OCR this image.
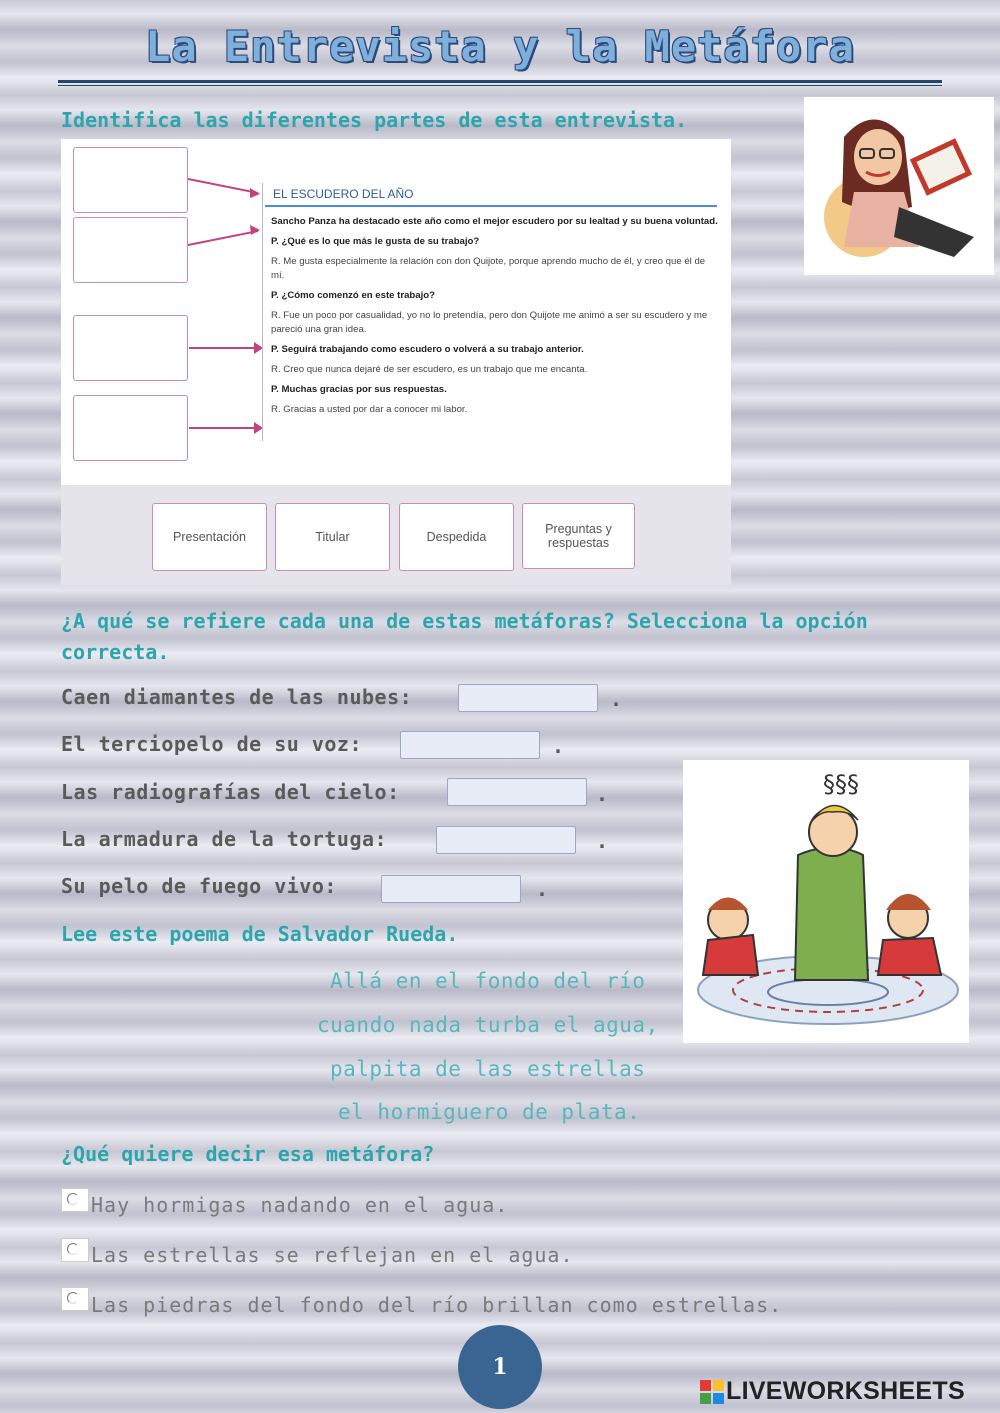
La Entrevista y la Metáfora
Identifica las diferentes partes de esta entrevista.
EL ESCUDERO DEL AÑO

Sancho Panza ha destacado este año como el mejor escudero por su lealtad y su buena voluntad.

P. ¿Qué es lo que más le gusta de su trabajo?

R. Me gusta especialmente la relación con don Quijote, porque aprendo mucho de él, y creo que él de mí.

P. ¿Cómo comenzó en este trabajo?

R. Fue un poco por casualidad, yo no lo pretendía, pero don Quijote me animó a ser su escudero y me pareció una gran idea.

P. Seguirá trabajando como escudero o volverá a su trabajo anterior.

R. Creo que nunca dejaré de ser escudero, es un trabajo que me encanta.

P. Muchas gracias por sus respuestas.

R. Gracias a usted por dar a conocer mi labor.

Presentación	Titular	Despedida
Preguntas y respuestas
¿A qué se refiere cada una de estas metáforas? Selecciona la opción correcta.
Caen diamantes de las nubes:	.
El terciopelo de su voz:	.
Las radiografías del cielo:	.
La armadura de la tortuga:	.
Su pelo de fuego vivo:	.
§§§
Lee este poema de Salvador Rueda.
Allá en el fondo del río
cuando nada turba el agua,
palpita de las estrellas
el hormiguero de plata.
¿Qué quiere decir esa metáfora?
Hay hormigas nadando en el agua.
Las estrellas se reflejan en el agua.
Las piedras del fondo del río brillan como estrellas.
1
LIVEWORKSHEETS
